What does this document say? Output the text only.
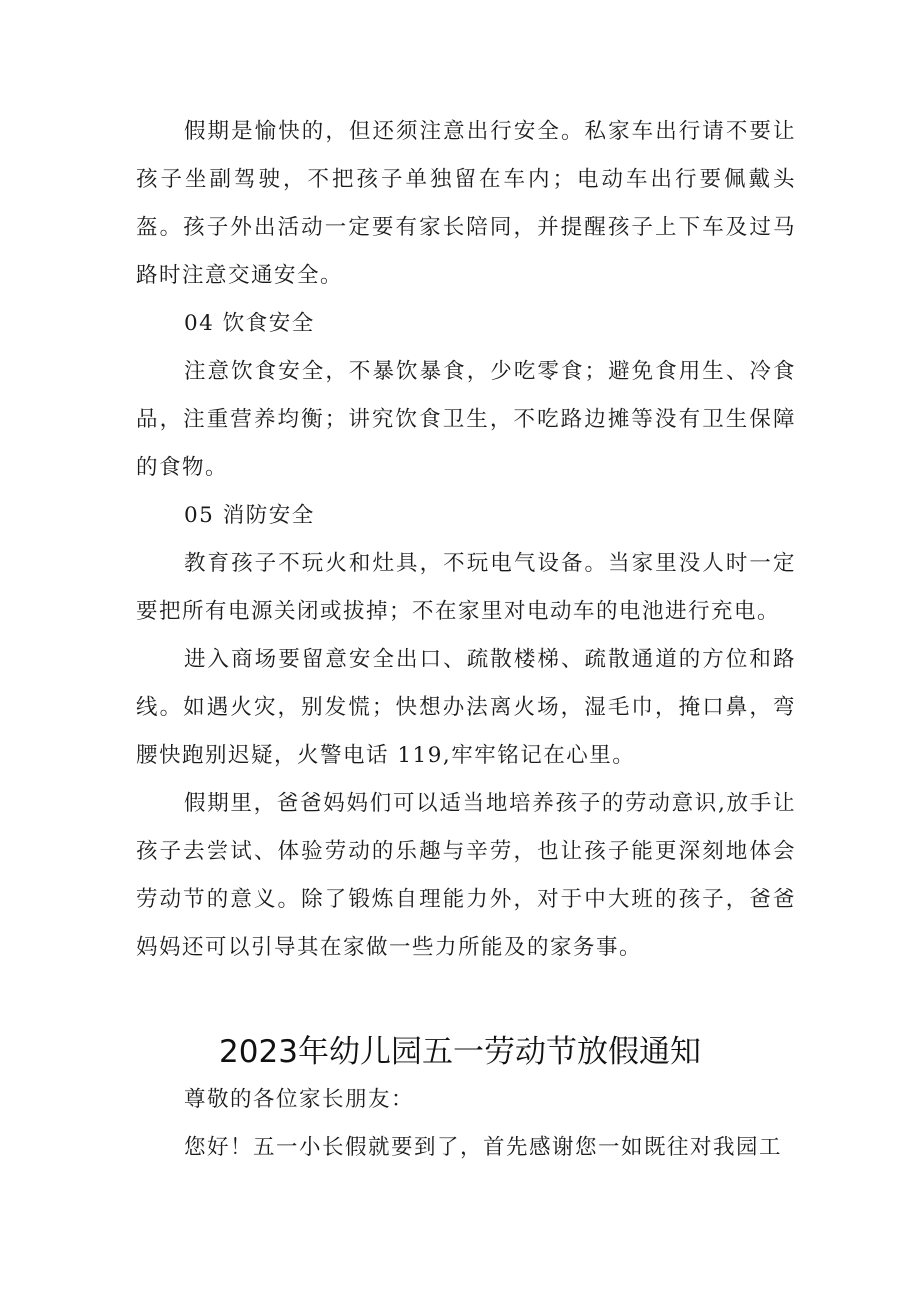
假期是愉快的，但还须注意出行安全。私家车出行请不要让孩子坐副驾驶，不把孩子单独留在车内；电动车出行要佩戴头盔。孩子外出活动一定要有家长陪同，并提醒孩子上下车及过马路时注意交通安全。

04 饮食安全

注意饮食安全，不暴饮暴食，少吃零食；避免食用生、冷食品，注重营养均衡；讲究饮食卫生，不吃路边摊等没有卫生保障的食物。

05 消防安全

教育孩子不玩火和灶具，不玩电气设备。当家里没人时一定要把所有电源关闭或拔掉；不在家里对电动车的电池进行充电。

进入商场要留意安全出口、疏散楼梯、疏散通道的方位和路线。如遇火灾，别发慌；快想办法离火场，湿毛巾，掩口鼻，弯腰快跑别迟疑，火警电话 119,牢牢铭记在心里。

假期里，爸爸妈妈们可以适当地培养孩子的劳动意识,放手让孩子去尝试、体验劳动的乐趣与辛劳，也让孩子能更深刻地体会劳动节的意义。除了锻炼自理能力外，对于中大班的孩子，爸爸妈妈还可以引导其在家做一些力所能及的家务事。

2023年幼儿园五一劳动节放假通知

尊敬的各位家长朋友：

您好！五一小长假就要到了，首先感谢您一如既往对我园工
